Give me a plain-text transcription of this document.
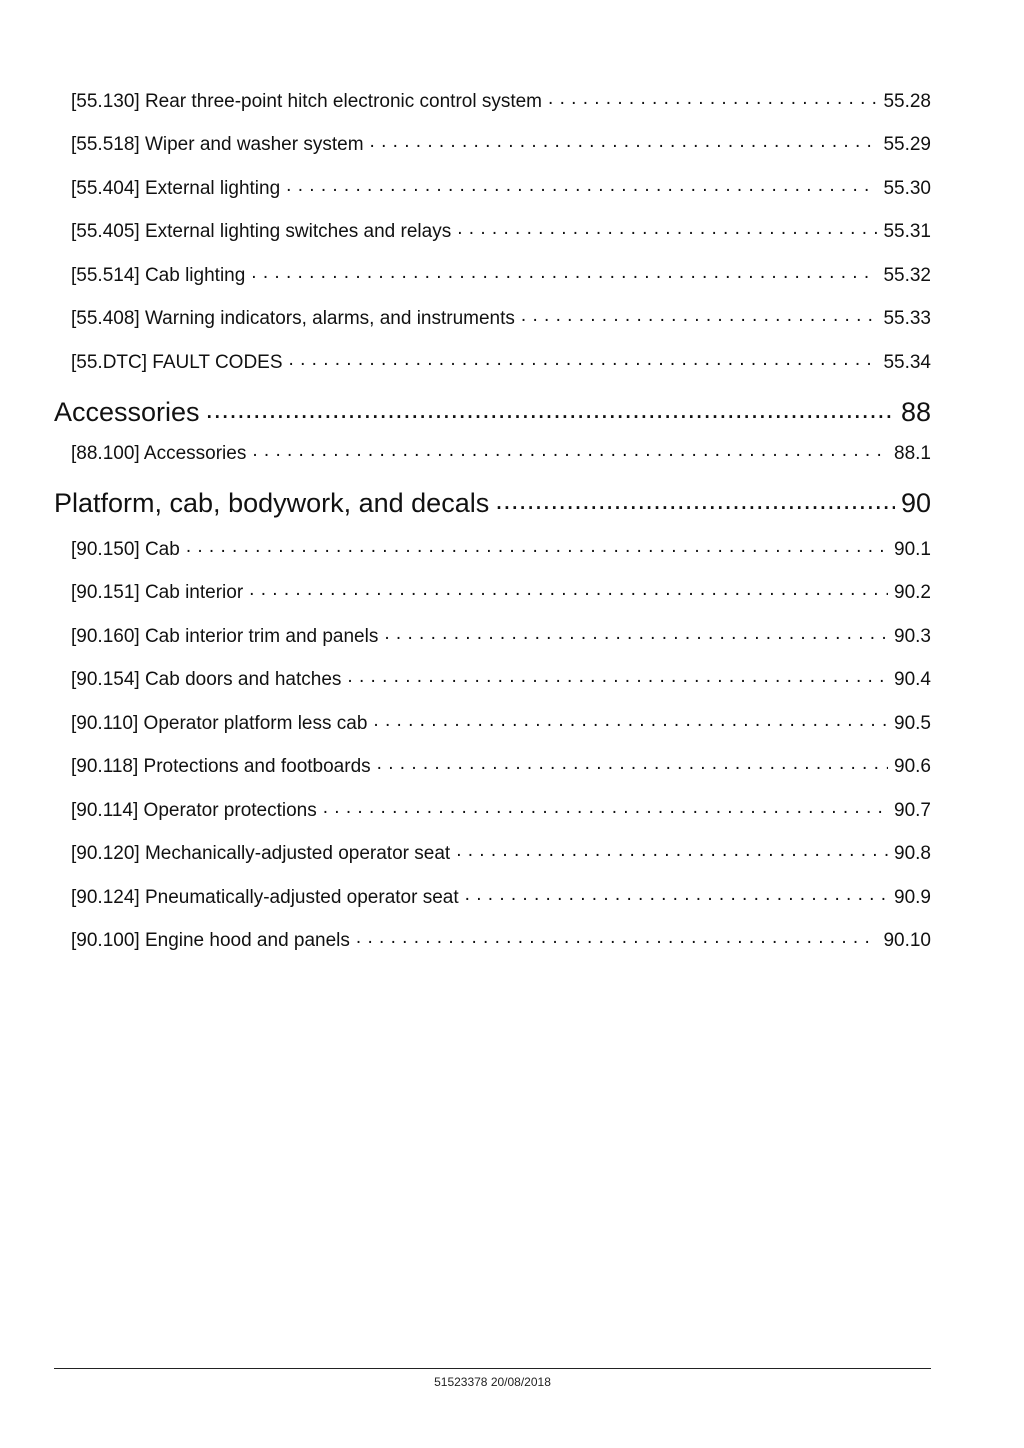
[55.130] Rear three-point hitch electronic control system . . .	55.28
[55.518] Wiper and washer system . . .	55.29
[55.404] External lighting . . .	55.30
[55.405] External lighting switches and relays . . .	55.31
[55.514] Cab lighting . . .	55.32
[55.408] Warning indicators, alarms, and instruments . . .	55.33
[55.DTC] FAULT CODES . . .	55.34
Accessories .....	88
[88.100] Accessories . . .	88.1
Platform, cab, bodywork, and decals .....	90
[90.150] Cab . . .	90.1
[90.151] Cab interior . . .	90.2
[90.160] Cab interior trim and panels . . .	90.3
[90.154] Cab doors and hatches . . .	90.4
[90.110] Operator platform less cab . . .	90.5
[90.118] Protections and footboards . . .	90.6
[90.114] Operator protections . . .	90.7
[90.120] Mechanically-adjusted operator seat . . .	90.8
[90.124] Pneumatically-adjusted operator seat . . .	90.9
[90.100] Engine hood and panels . . .	90.10
51523378 20/08/2018
